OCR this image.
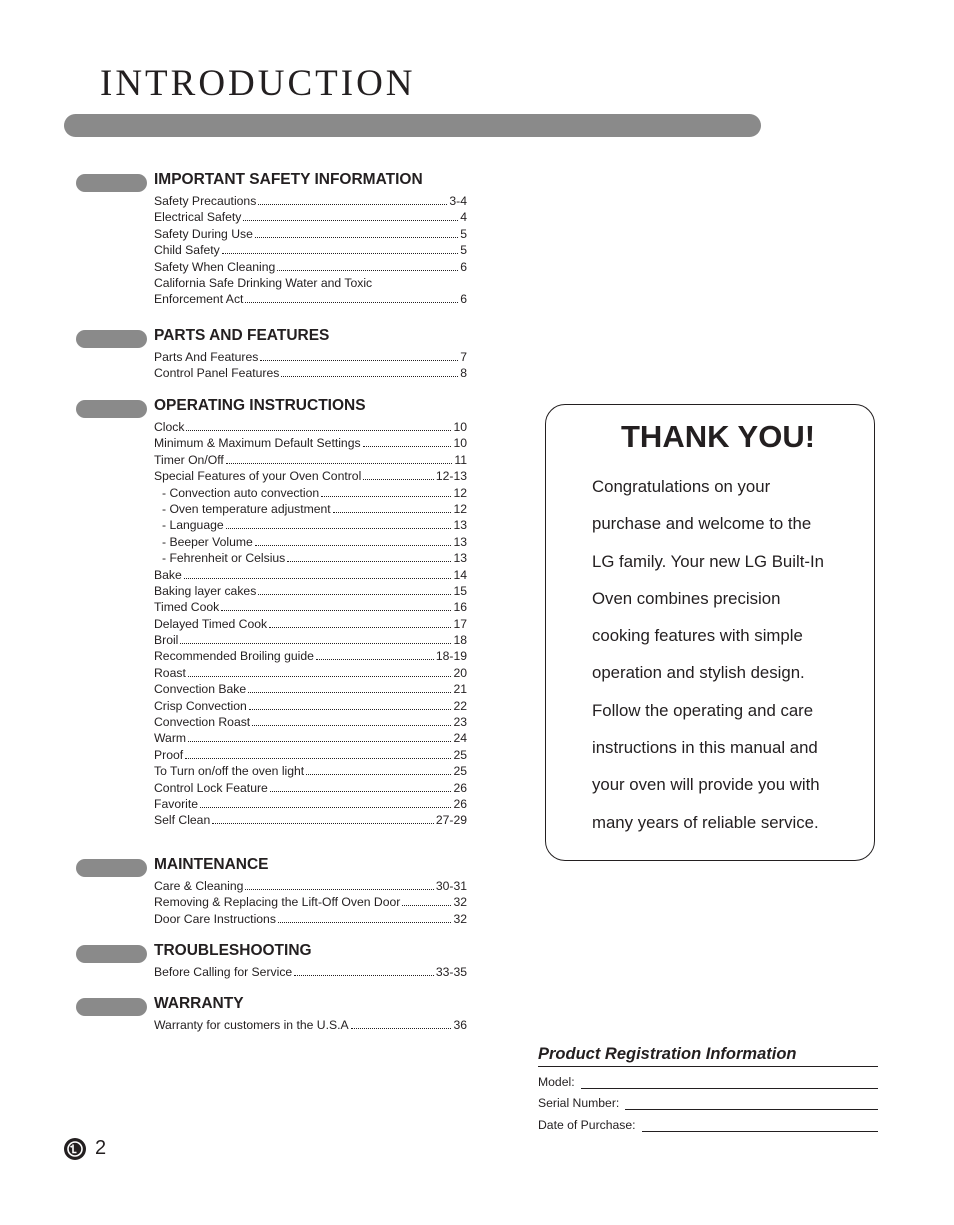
INTRODUCTION
IMPORTANT SAFETY INFORMATION
Safety Precautions	3-4
Electrical Safety	4
Safety During Use	5
Child Safety	5
Safety When Cleaning	6
California Safe Drinking Water and Toxic
Enforcement Act	6
PARTS AND FEATURES
Parts And Features	7
Control Panel Features	8
OPERATING INSTRUCTIONS
Clock	10
Minimum & Maximum Default Settings	10
Timer On/Off	11
Special Features of your Oven Control	12-13
- Convection auto convection	12
- Oven temperature adjustment	12
- Language	13
- Beeper Volume	13
- Fehrenheit or Celsius	13
Bake	14
Baking layer cakes	15
Timed Cook	16
Delayed Timed Cook	17
Broil	18
Recommended Broiling guide	18-19
Roast	20
Convection Bake	21
Crisp Convection	22
Convection Roast	23
Warm	24
Proof	25
To Turn on/off the oven light	25
Control Lock Feature	26
Favorite	26
Self Clean	27-29
MAINTENANCE
Care & Cleaning	30-31
Removing & Replacing the Lift-Off Oven Door	32
Door Care Instructions	32
TROUBLESHOOTING
Before Calling for Service	33-35
WARRANTY
Warranty for customers in the U.S.A	36
THANK YOU!
Congratulations on your
purchase and welcome to the
LG family. Your new LG Built-In
Oven combines precision
cooking features with simple
operation and stylish design.
Follow the operating and care
instructions in this manual and
your oven will provide you with
many years of reliable service.
Product Registration Information
Model:
Serial Number:
Date of Purchase:
2
